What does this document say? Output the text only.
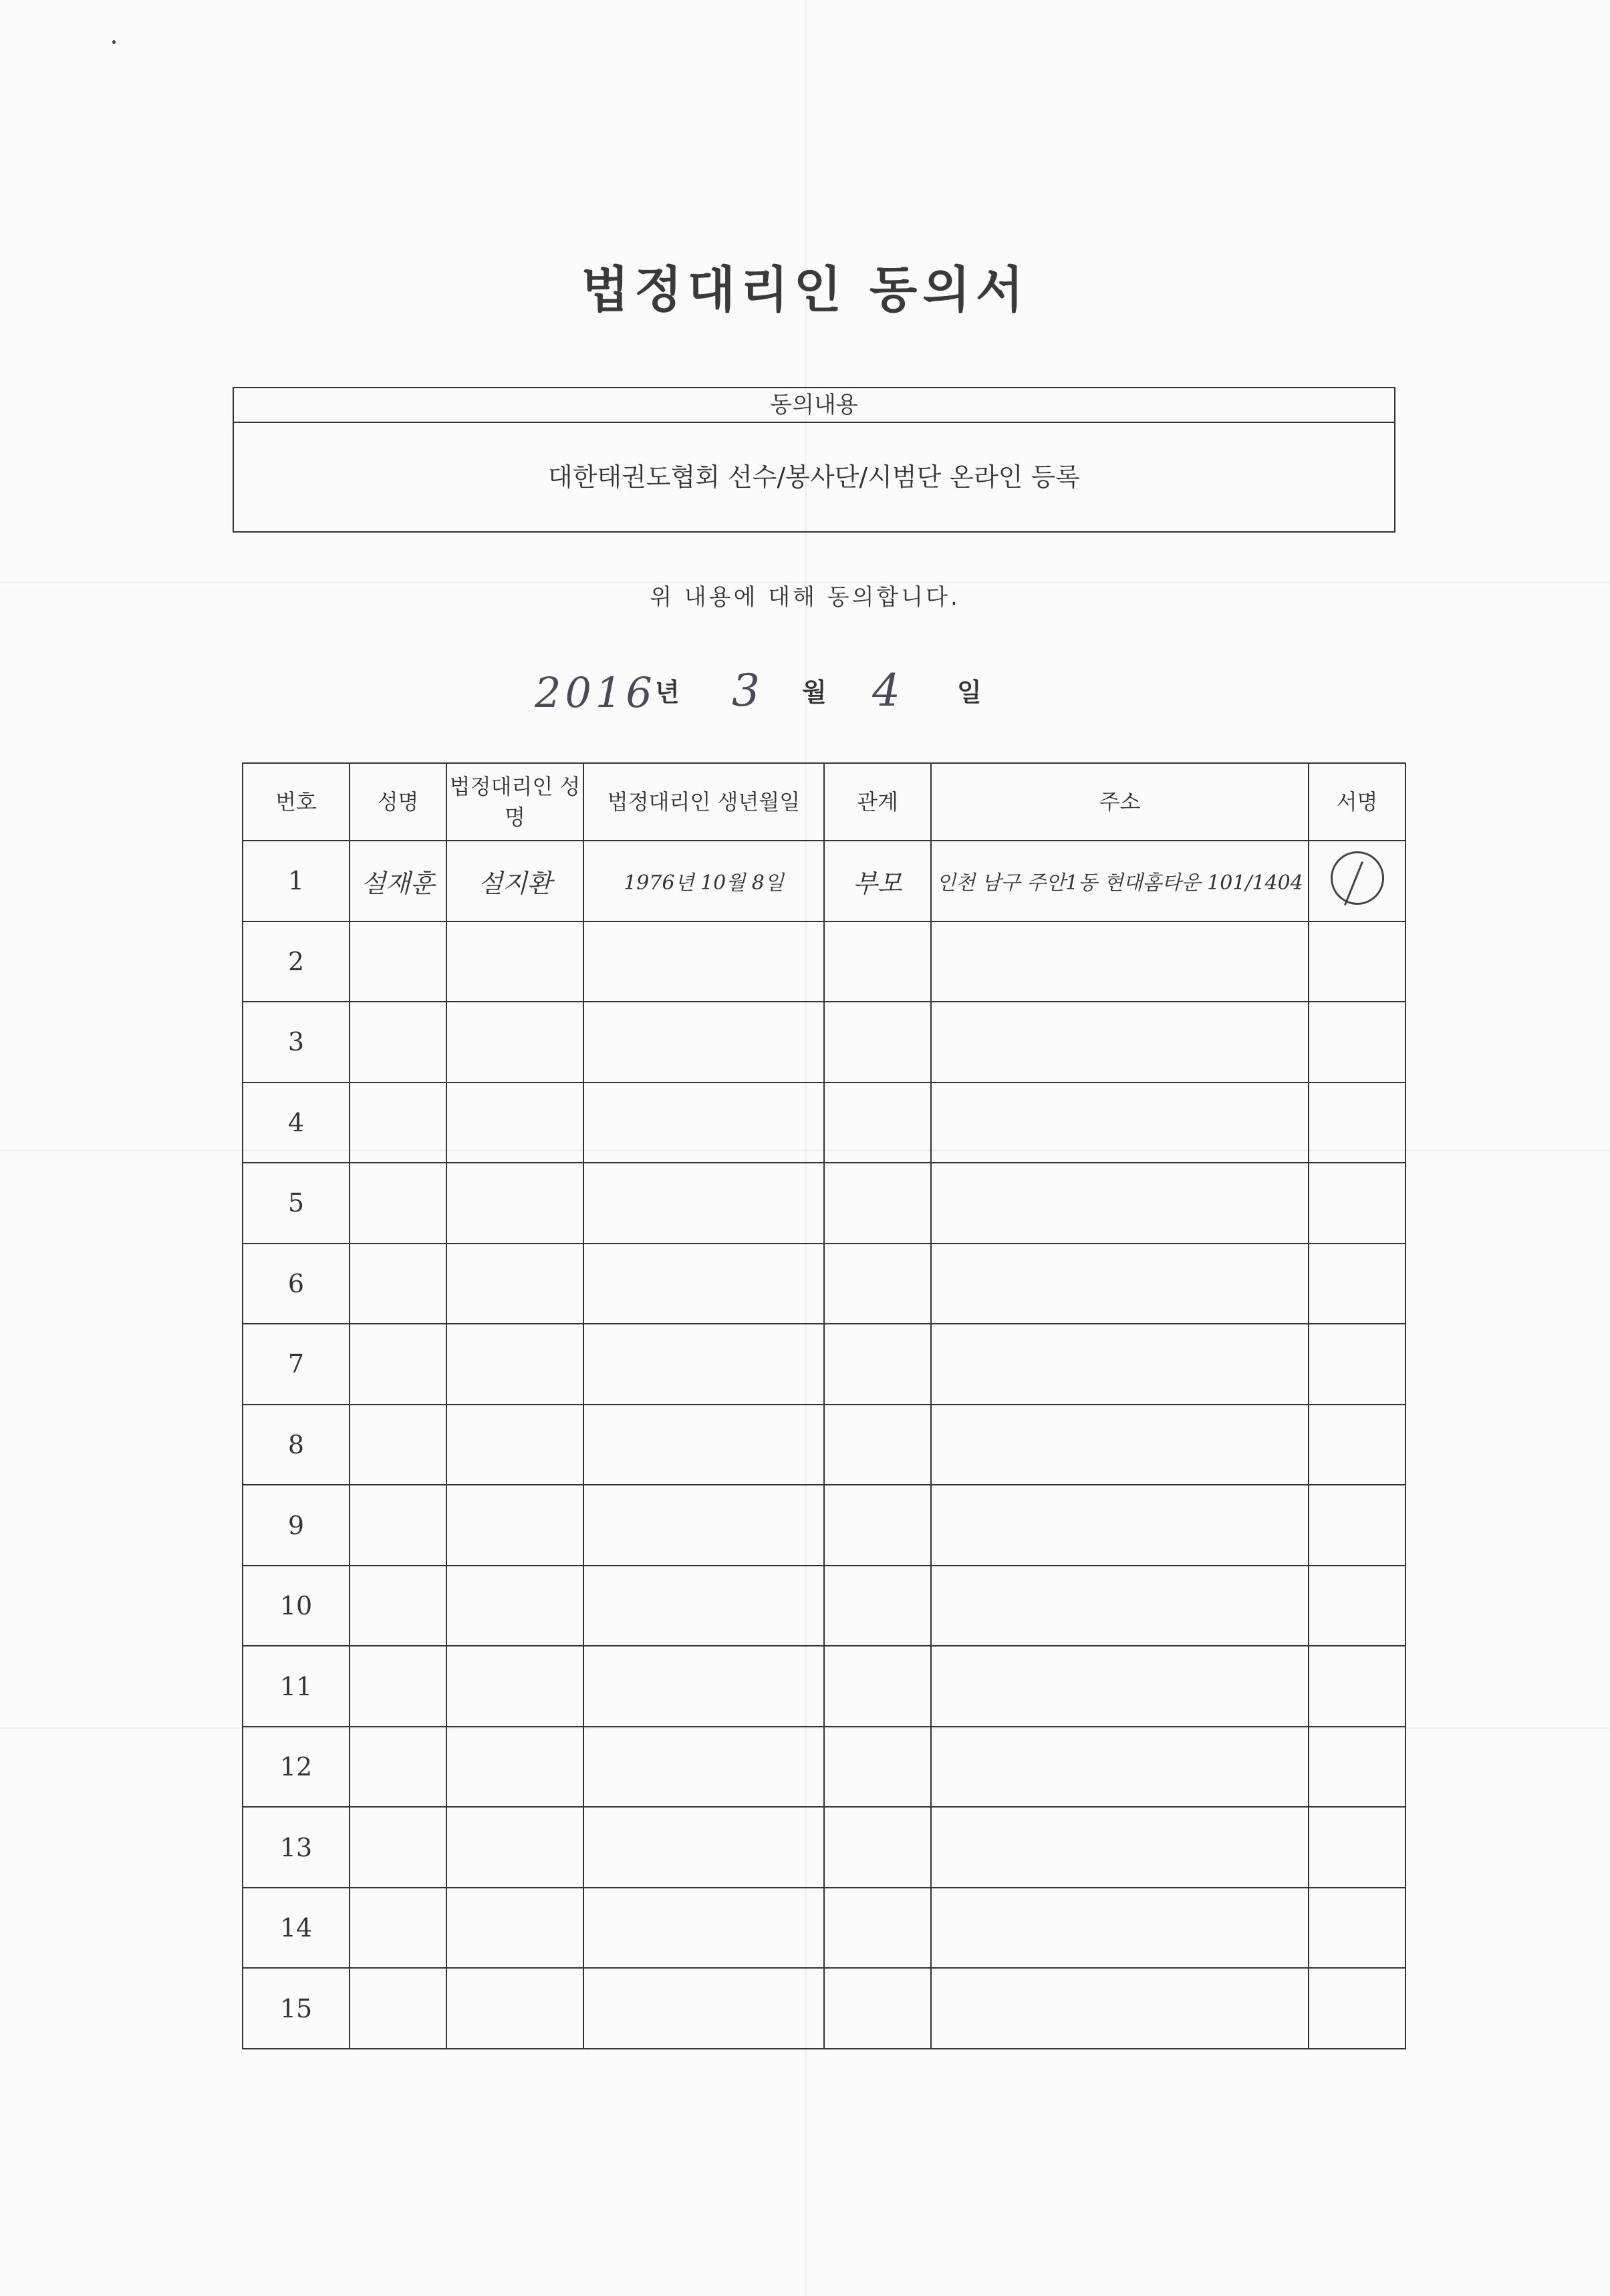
법정대리인 동의서
동의내용
대한태권도협회 선수/봉사단/시범단 온라인 등록
위 내용에 대해 동의합니다.
2016
년 3 월 4 일
번호	성명	법정대리인 성명	법정대리인 생년월일	관계	주소	서명
1	설재훈	설지환	1976년 10월 8일	부모	인천 남구 주안1동 현대홈타운 101/1404	
2						
3						
4						
5						
6						
7						
8						
9						
10						
11						
12						
13						
14						
15						
